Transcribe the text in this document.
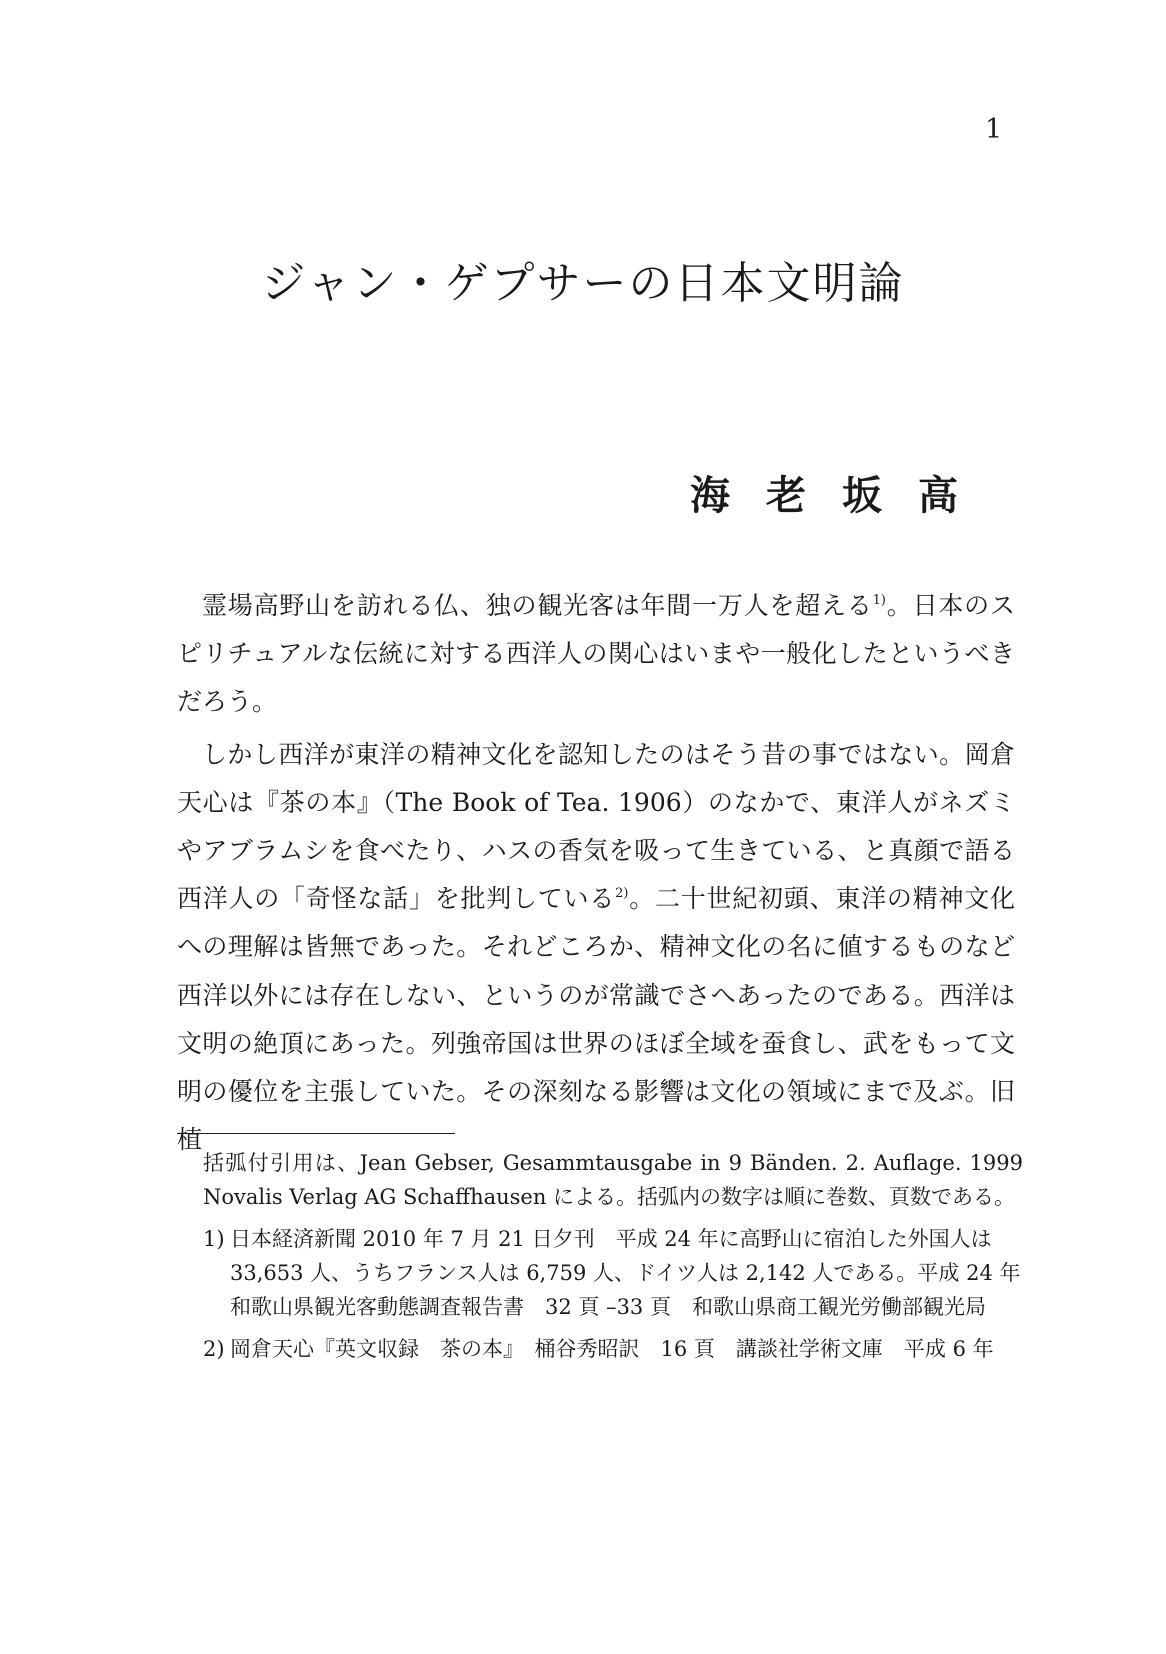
1
ジャン・ゲプサーの日本文明論
海 老 坂 高

霊場高野山を訪れる仏、独の観光客は年間一万人を超える$^{1)}$。日本のスピリチュアルな伝統に対する西洋人の関心はいまや一般化したというべきだろう。

しかし西洋が東洋の精神文化を認知したのはそう昔の事ではない。岡倉天心は『茶の本』（The Book of Tea. 1906）のなかで、東洋人がネズミやアブラムシを食べたり、ハスの香気を吸って生きている、と真顔で語る西洋人の「奇怪な話」を批判している$^{2)}$。二十世紀初頭、東洋の精神文化への理解は皆無であった。それどころか、精神文化の名に値するものなど西洋以外には存在しない、というのが常識でさへあったのである。西洋は文明の絶頂にあった。列強帝国は世界のほぼ全域を蚕食し、武をもって文明の優位を主張していた。その深刻なる影響は文化の領域にまで及ぶ。旧植

括弧付引用は、Jean Gebser, Gesammtausgabe in 9 Bänden. 2. Auflage. 1999 Novalis Verlag AG Schaffhausen による。括弧内の数字は順に巻数、頁数である。

1) 日本経済新聞 2010 年 7 月 21 日夕刊　平成 24 年に高野山に宿泊した外国人は 33,653 人、うちフランス人は 6,759 人、ドイツ人は 2,142 人である。平成 24 年和歌山県観光客動態調査報告書　32 頁 –33 頁　和歌山県商工観光労働部観光局

2) 岡倉天心『英文収録　茶の本』　桶谷秀昭訳　16 頁　講談社学術文庫　平成 6 年
